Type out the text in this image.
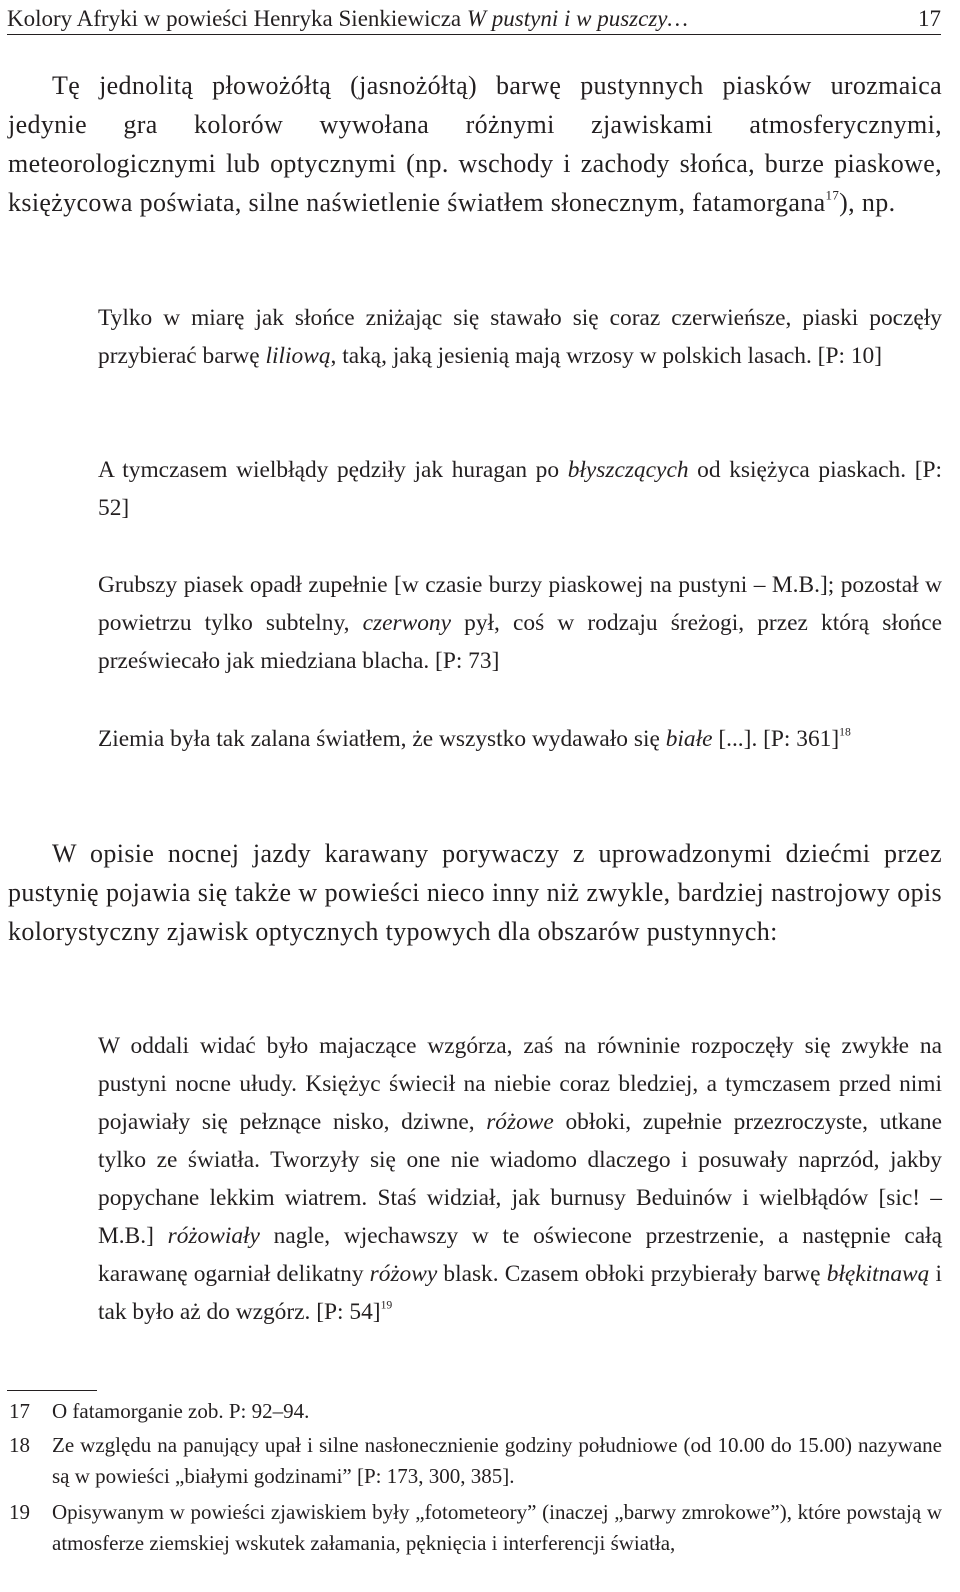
Kolory Afryki w powieści Henryka Sienkiewicza W pustyni i w puszczy…	17

Tę jednolitą płowożółtą (jasnożółtą) barwę pustynnych piasków urozmaica jedynie gra kolorów wywołana różnymi zjawiskami atmosferycznymi, meteorologicznymi lub optycznymi (np. wschody i zachody słońca, burze piaskowe, księżycowa poświata, silne naświetlenie światłem słonecznym, fatamorgana$^{17}$), np.

Tylko w miarę jak słońce zniżając się stawało się coraz czerwieńsze, piaski poczęły przybierać barwę liliową, taką, jaką jesienią mają wrzosy w polskich lasach. [P: 10]

A tymczasem wielbłądy pędziły jak huragan po błyszczących od księżyca piaskach. [P: 52]

Grubszy piasek opadł zupełnie [w czasie burzy piaskowej na pustyni – M.B.]; pozostał w powietrzu tylko subtelny, czerwony pył, coś w rodzaju śreżogi, przez którą słońce przeświecało jak miedziana blacha. [P: 73]

Ziemia była tak zalana światłem, że wszystko wydawało się białe [...]. [P: 361]$^{18}$

W opisie nocnej jazdy karawany porywaczy z uprowadzonymi dziećmi przez pustynię pojawia się także w powieści nieco inny niż zwykle, bardziej nastrojowy opis kolorystyczny zjawisk optycznych typowych dla obszarów pustynnych:

W oddali widać było majaczące wzgórza, zaś na równinie rozpoczęły się zwykłe na pustyni nocne ułudy. Księżyc świecił na niebie coraz bledziej, a tymczasem przed nimi pojawiały się pełznące nisko, dziwne, różowe obłoki, zupełnie przezroczyste, utkane tylko ze światła. Tworzyły się one nie wiadomo dlaczego i posuwały naprzód, jakby popychane lekkim wiatrem. Staś widział, jak burnusy Beduinów i wielbłądów [sic! – M.B.] różowiały nagle, wjechawszy w te oświecone przestrzenie, a następnie całą karawanę ogarniał delikatny różowy blask. Czasem obłoki przybierały barwę błękitnawą i tak było aż do wzgórz. [P: 54]$^{19}$

17 O fatamorganie zob. P: 92–94.
18 Ze względu na panujący upał i silne nasłonecznienie godziny południowe (od 10.00 do 15.00) nazywane są w powieści „białymi godzinami” [P: 173, 300, 385].
19 Opisywanym w powieści zjawiskiem były „fotometeory” (inaczej „barwy zmrokowe”), które powstają w atmosferze ziemskiej wskutek załamania, pęknięcia i interferencji światła,
